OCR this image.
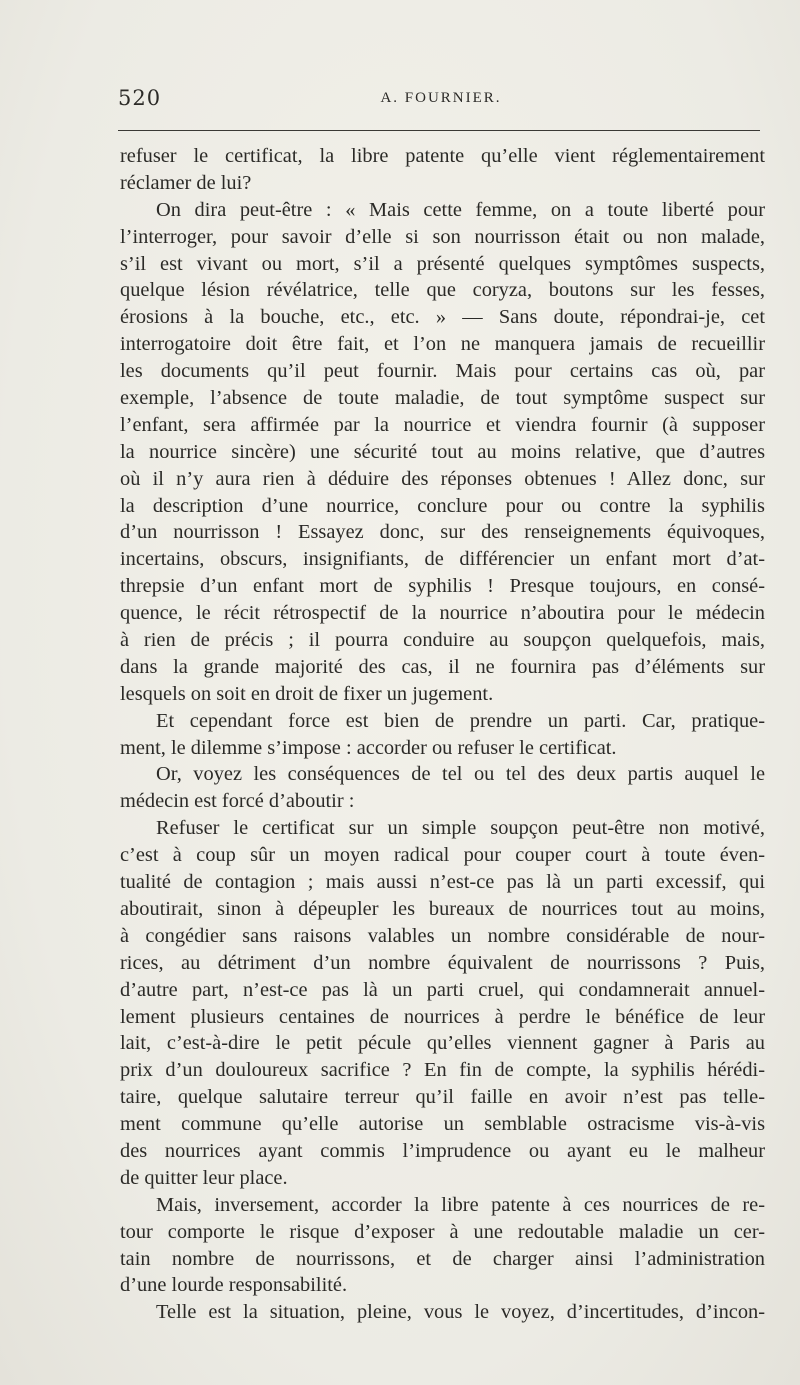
520	A. FOURNIER.
refuser le certificat, la libre patente qu’elle vient réglementairement
réclamer de lui?
On dira peut-être : « Mais cette femme, on a toute liberté pour
l’interroger, pour savoir d’elle si son nourrisson était ou non malade,
s’il est vivant ou mort, s’il a présenté quelques symptômes suspects,
quelque lésion révélatrice, telle que coryza, boutons sur les fesses,
érosions à la bouche, etc., etc. » — Sans doute, répondrai-je, cet
interrogatoire doit être fait, et l’on ne manquera jamais de recueillir
les documents qu’il peut fournir. Mais pour certains cas où, par
exemple, l’absence de toute maladie, de tout symptôme suspect sur
l’enfant, sera affirmée par la nourrice et viendra fournir (à supposer
la nourrice sincère) une sécurité tout au moins relative, que d’autres
où il n’y aura rien à déduire des réponses obtenues ! Allez donc, sur
la description d’une nourrice, conclure pour ou contre la syphilis
d’un nourrisson ! Essayez donc, sur des renseignements équivoques,
incertains, obscurs, insignifiants, de différencier un enfant mort d’at-
threpsie d’un enfant mort de syphilis ! Presque toujours, en consé-
quence, le récit rétrospectif de la nourrice n’aboutira pour le médecin
à rien de précis ; il pourra conduire au soupçon quelquefois, mais,
dans la grande majorité des cas, il ne fournira pas d’éléments sur
lesquels on soit en droit de fixer un jugement.
Et cependant force est bien de prendre un parti. Car, pratique-
ment, le dilemme s’impose : accorder ou refuser le certificat.
Or, voyez les conséquences de tel ou tel des deux partis auquel le
médecin est forcé d’aboutir :
Refuser le certificat sur un simple soupçon peut-être non motivé,
c’est à coup sûr un moyen radical pour couper court à toute éven-
tualité de contagion ; mais aussi n’est-ce pas là un parti excessif, qui
aboutirait, sinon à dépeupler les bureaux de nourrices tout au moins,
à congédier sans raisons valables un nombre considérable de nour-
rices, au détriment d’un nombre équivalent de nourrissons ? Puis,
d’autre part, n’est-ce pas là un parti cruel, qui condamnerait annuel-
lement plusieurs centaines de nourrices à perdre le bénéfice de leur
lait, c’est-à-dire le petit pécule qu’elles viennent gagner à Paris au
prix d’un douloureux sacrifice ? En fin de compte, la syphilis hérédi-
taire, quelque salutaire terreur qu’il faille en avoir n’est pas telle-
ment commune qu’elle autorise un semblable ostracisme vis-à-vis
des nourrices ayant commis l’imprudence ou ayant eu le malheur
de quitter leur place.
Mais, inversement, accorder la libre patente à ces nourrices de re-
tour comporte le risque d’exposer à une redoutable maladie un cer-
tain nombre de nourrissons, et de charger ainsi l’administration
d’une lourde responsabilité.
Telle est la situation, pleine, vous le voyez, d’incertitudes, d’incon-
